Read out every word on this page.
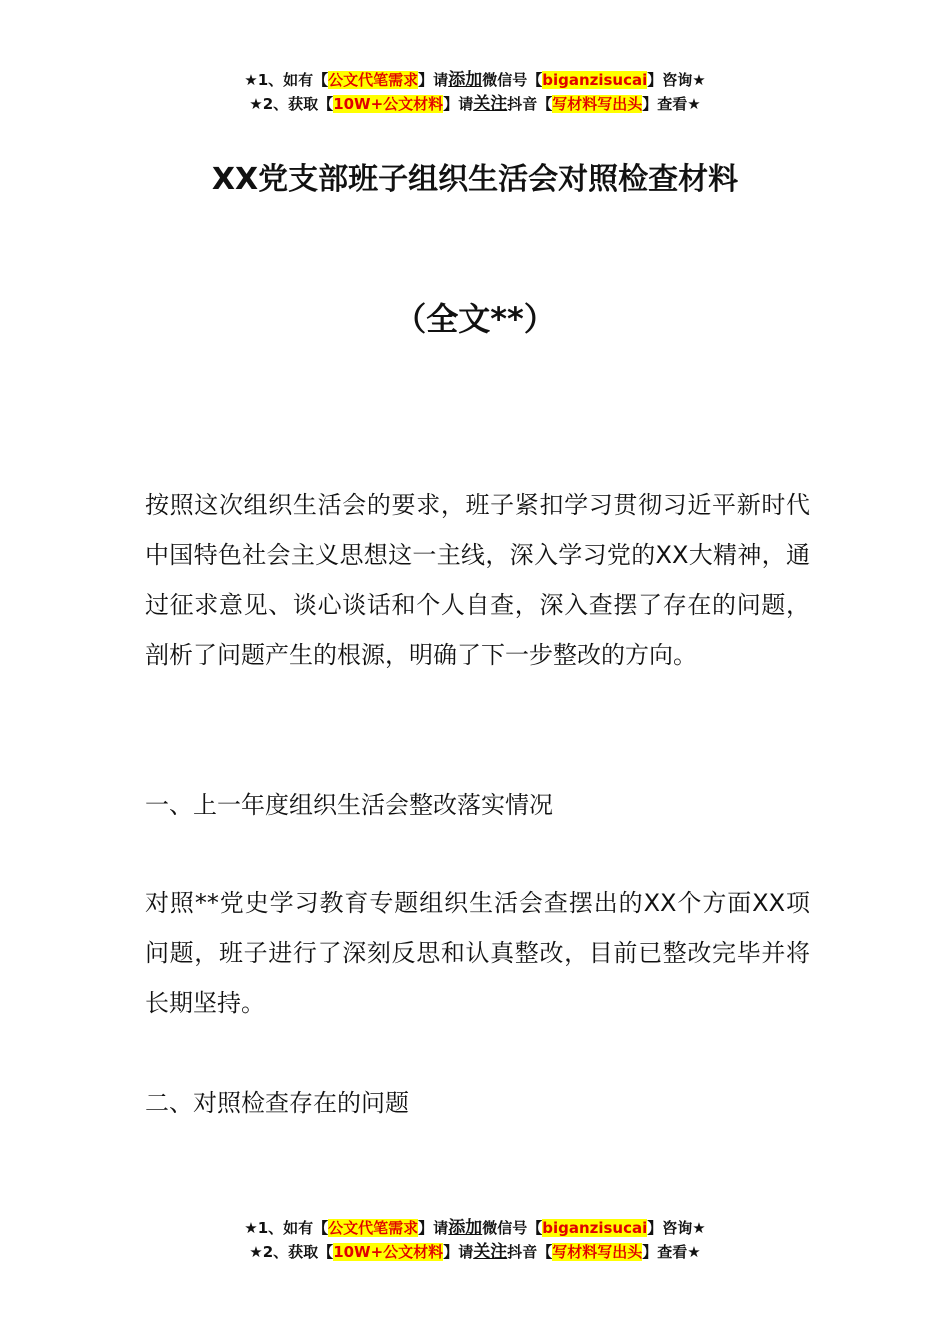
★1、如有【公文代笔需求】请添加微信号【biganzisucai】咨询★
★2、获取【10W+公文材料】请关注抖音【写材料写出头】查看★
XX党支部班子组织生活会对照检查材料
（全文**）

按照这次组织生活会的要求，班子紧扣学习贯彻习近平新时代中国特色社会主义思想这一主线，深入学习党的XX大精神，通过征求意见、谈心谈话和个人自查，深入查摆了存在的问题，剖析了问题产生的根源，明确了下一步整改的方向。

一、上一年度组织生活会整改落实情况

对照**党史学习教育专题组织生活会查摆出的XX个方面XX项问题，班子进行了深刻反思和认真整改，目前已整改完毕并将长期坚持。

二、对照检查存在的问题

★1、如有【公文代笔需求】请添加微信号【biganzisucai】咨询★
★2、获取【10W+公文材料】请关注抖音【写材料写出头】查看★
